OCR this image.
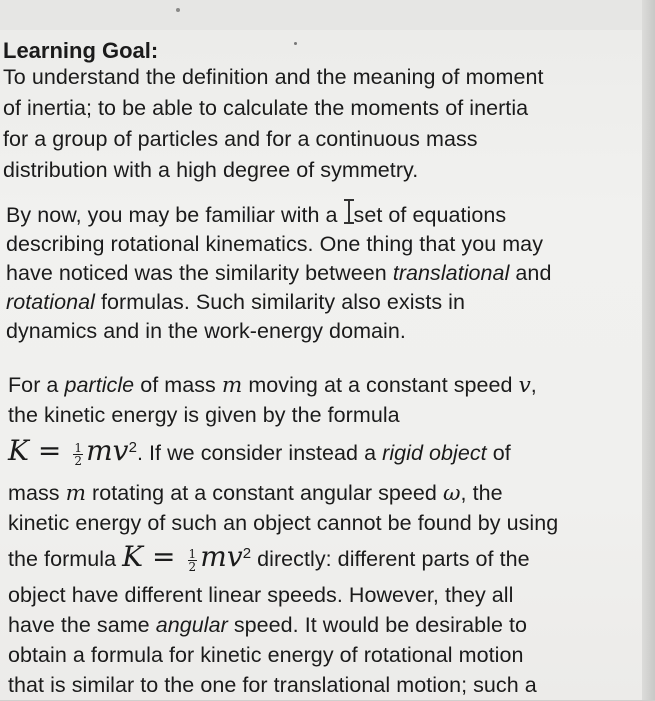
Learning Goal:
To understand the definition and the meaning of moment
of inertia; to be able to calculate the moments of inertia
for a group of particles and for a continuous mass
distribution with a high degree of symmetry.
By now, you may be familiar with a set of equations
describing rotational kinematics. One thing that you may
have noticed was the similarity between translational and
rotational formulas. Such similarity also exists in
dynamics and in the work-energy domain.
For a particle of mass m moving at a constant speed v,
the kinetic energy is given by the formula
$K = \frac{1}{2} mv^2$. If we consider instead a rigid object of
mass m rotating at a constant angular speed ω, the
kinetic energy of such an object cannot be found by using
the formula $K = \frac{1}{2} mv^2$ directly: different parts of the
object have different linear speeds. However, they all
have the same angular speed. It would be desirable to
obtain a formula for kinetic energy of rotational motion
that is similar to the one for translational motion; such a
